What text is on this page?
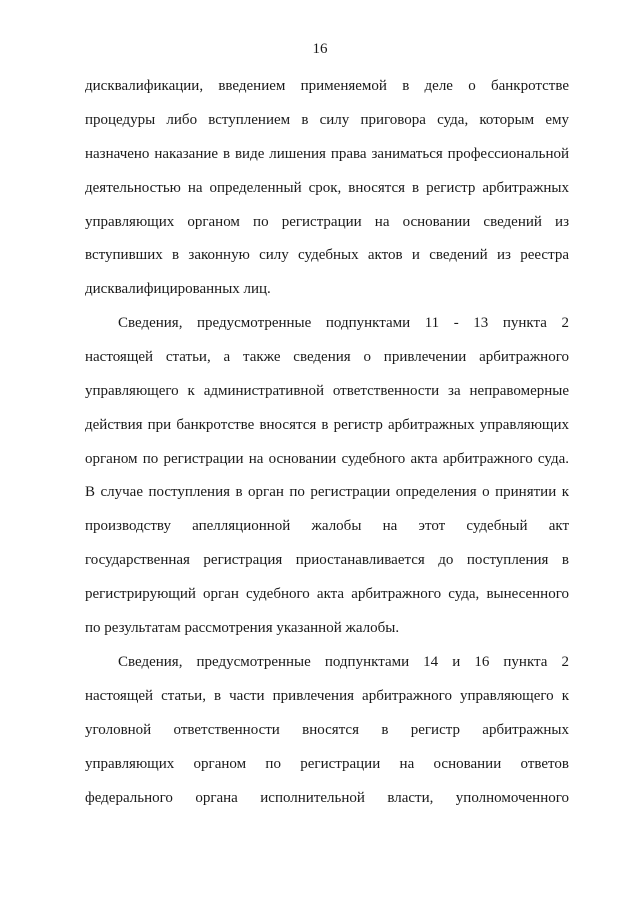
16
дисквалификации, введением применяемой в деле о банкротстве
процедуры либо вступлением в силу приговора суда, которым ему
назначено наказание в виде лишения права заниматься профессиональной
деятельностью на определенный срок, вносятся в регистр арбитражных
управляющих органом по регистрации на основании сведений из
вступивших в законную силу судебных актов и сведений из реестра
дисквалифицированных лиц.
Сведения, предусмотренные подпунктами 11 - 13 пункта 2
настоящей статьи, а также сведения о привлечении арбитражного
управляющего к административной ответственности за неправомерные
действия при банкротстве вносятся в регистр арбитражных управляющих
органом по регистрации на основании судебного акта арбитражного суда.
В случае поступления в орган по регистрации определения о принятии к
производству апелляционной жалобы на этот судебный акт
государственная регистрация приостанавливается до поступления в
регистрирующий орган судебного акта арбитражного суда, вынесенного
по результатам рассмотрения указанной жалобы.
Сведения, предусмотренные подпунктами 14 и 16 пункта 2
настоящей статьи, в части привлечения арбитражного управляющего к
уголовной ответственности вносятся в регистр арбитражных
управляющих органом по регистрации на основании ответов
федерального органа исполнительной власти, уполномоченного
